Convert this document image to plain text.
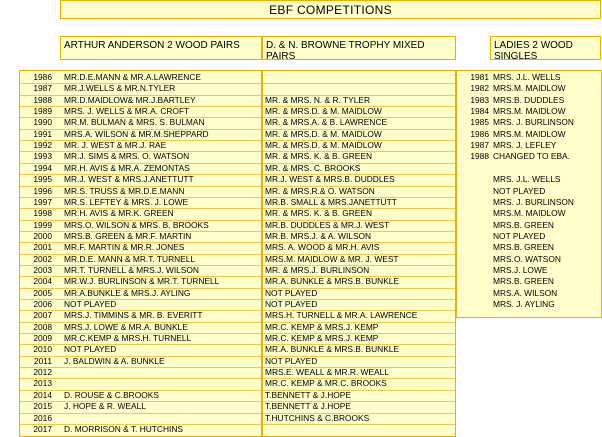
EBF COMPETITIONS
ARTHUR ANDERSON 2 WOOD PAIRS	D. & N. BROWNE TROPHY MIXED PAIRS
LADIES 2 WOOD SINGLES
1986 MR.D.E.MANN & MR.A.LAWRENCE
1987 MR.J.WELLS & MR.N.TYLER
1988 MR.D.MAIDLOW& MR.J.BARTLEY
1989 MRS. J. WELLS & MR.A. CROFT
1990 MR.M. BULMAN & MRS. S. BULMAN
1991 MRS.A. WILSON & MR.M.SHEPPARD
1992 MR. J. WEST & MR.J. RAE
1993 MR.J. SIMS & MRS. O. WATSON
1994 MR.H. AVIS & MR.A. ZEMONTAS
1995 MR.J. WEST & MRS.J.ANETTUTT
1996 MR.S. TRUSS & MR.D.E.MANN
1997 MR.S. LEFTEY & MRS. J. LOWE
1998 MR.H. AVIS & MR.K. GREEN
1999 MRS.O. WILSON & MRS. B. BROOKS
2000 MRS.B. GREEN & MR.F. MARTIN
2001 MR.F. MARTIN & MR.R. JONES
2002 MR.D.E. MANN & MR.T. TURNELL
2003 MR.T. TURNELL & MRS.J. WILSON
2004 MR.W.J. BURLINSON & MR.T. TURNELL
2005 MR.A.BUNKLE & MRS.J. AYLING
2006 NOT PLAYED
2007 MRS.J. TIMMINS & MR. B. EVERITT
2008 MRS.J. LOWE & MR.A. BUNKLE
2009 MR.C.KEMP & MRS.H. TURNELL
2010 NOT PLAYED
2011 J. BALDWIN & A. BUNKLE
2012
2013
2014 D. ROUSE & C.BROOKS
2015 J. HOPE & R. WEALL
2016
2017 D. MORRISON & T. HUTCHINS
MR. & MRS. N. & R. TYLER
MR. & MRS.D. & M. MAIDLOW
MR. & MRS.A. & B. LAWRENCE
MR. & MRS.D. & M. MAIDLOW
MR. & MRS.D. & M. MAIDLOW
MR. & MRS. K. & B. GREEN
MR. & MRS. C. BROOKS
MR.J. WEST & MRS.B. DUDDLES
MR. & MRS.R.& O. WATSON
MR.B. SMALL & MRS.JANETTUTT
MR. & MRS. K. & B. GREEN
MR.B. DUDDLES & MR.J. WEST
MR.B. MRS.J. & A. WILSON
MRS. A. WOOD & MR.H. AVIS
MRS.M. MAIDLOW & MR. J. WEST
MR. & MRS.J. BURLINSON
MR.A. BUNKLE & MRS.B. BUNKLE
NOT PLAYED
NOT PLAYED
MRS.H. TURNELL & MR.A. LAWRENCE
MR.C. KEMP & MRS.J. KEMP
MR.C. KEMP & MRS.J. KEMP
MR.A. BUNKLE & MRS.B. BUNKLE
NOT PLAYED
MRS.E. WEALL & MR.R. WEALL
MR.C. KEMP & MR.C. BROOKS
T.BENNETT & J.HOPE
T.BENNETT & J.HOPE
T.HUTCHINS & C.BROOKS
1981 MRS. J.L. WELLS
1982 MRS.M. MAIDLOW
1983 MRS.B. DUDDLES
1984 MRS.M. MAIDLOW
1985 MRS. J. BURLINSON
1986 MRS.M. MAIDLOW
1987 MRS. J. LEFLEY
1988 CHANGED TO EBA.
MRS. J.L. WELLS
NOT PLAYED
MRS. J. BURLINSON
MRS.M. MAIDLOW
MRS.B. GREEN
NOT PLAYED
MRS.B. GREEN
MRS.O. WATSON
MRS.J. LOWE
MRS.B. GREEN
MRS.A. WILSON
MRS. J. AYLING
